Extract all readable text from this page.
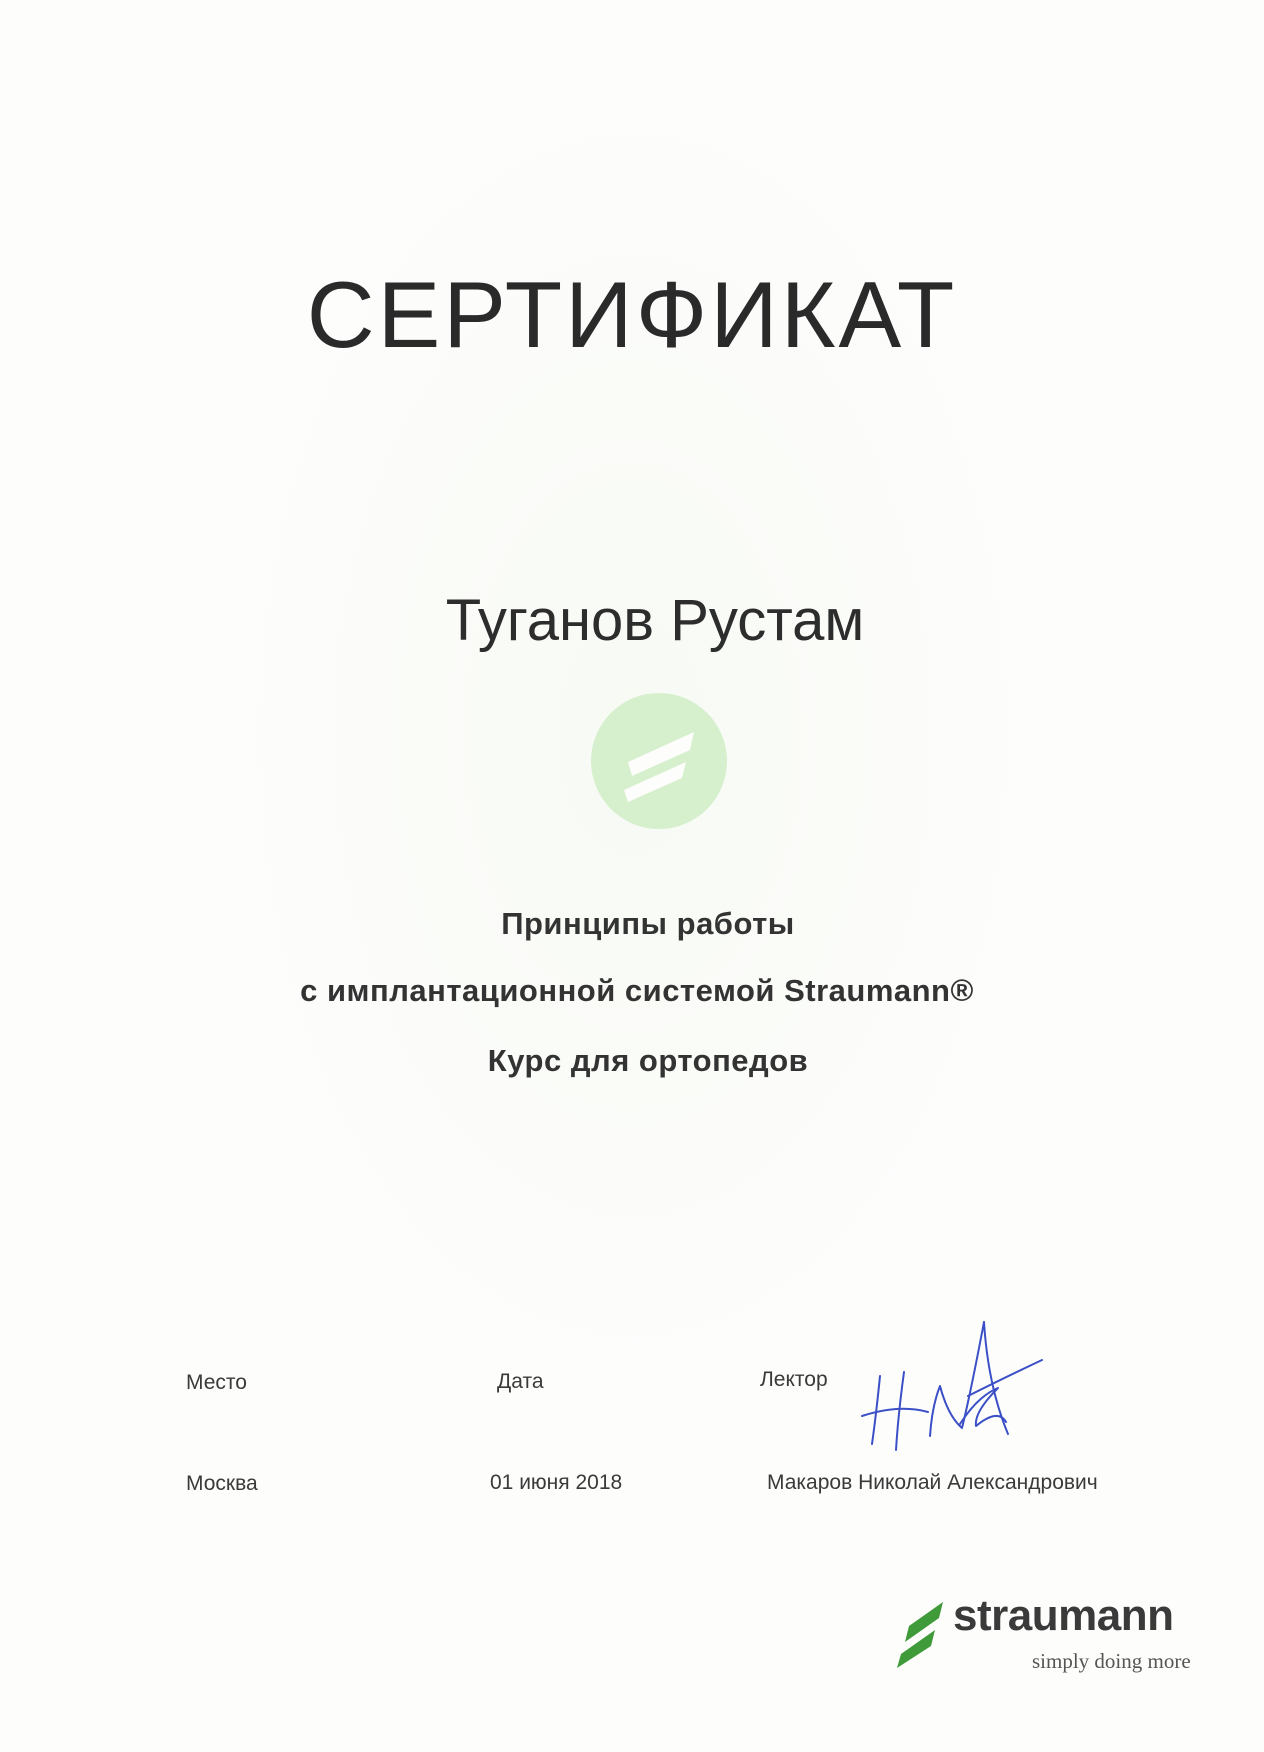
СЕРТИФИКАТ
Туганов Рустам
Принципы работы
с имплантационной системой Straumann®
Курс для ортопедов
Место	Дата	Лектор
Москва	01 июня 2018	Макаров Николай Александрович
straumann
simply doing more
